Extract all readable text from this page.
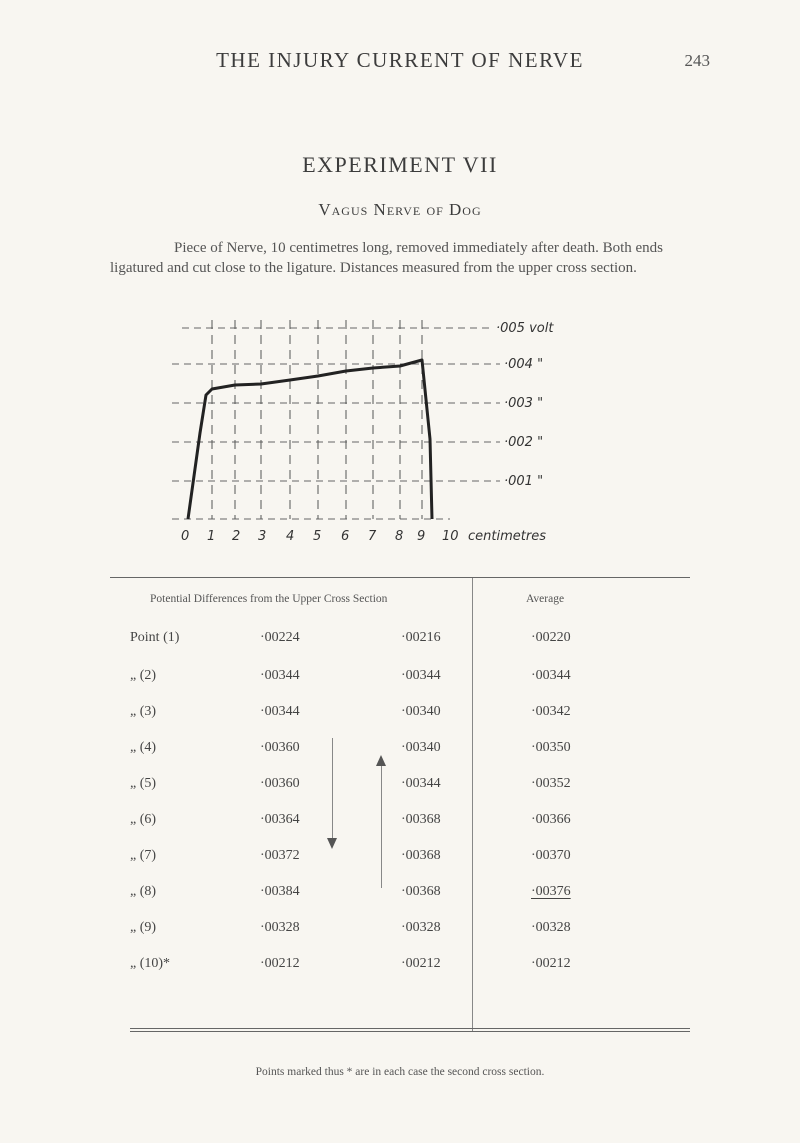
THE INJURY CURRENT OF NERVE	243
EXPERIMENT VII
Vagus Nerve of Dog
Piece of Nerve, 10 centimetres long, removed immediately after death. Both ends ligatured and cut close to the ligature. Distances measured from the upper cross section.
0 1 2 3 4 5 6 7 8 9 10 centimetres
·005 volt
·004 "
·003 "
·002 "
·001 "
Potential Differences from the Upper Cross Section	Average
Point (1)	·00224	·00216	·00220
„ (2)	·00344	·00344	·00344
„ (3)	·00344	·00340	·00342
„ (4)	·00360	·00340	·00350
„ (5)	·00360	·00344	·00352
„ (6)	·00364	·00368	·00366
„ (7)	·00372	·00368	·00370
„ (8)	·00384	·00368	·00376
„ (9)	·00328	·00328	·00328
„ (10)*	·00212	·00212	·00212
Points marked thus * are in each case the second cross section.
